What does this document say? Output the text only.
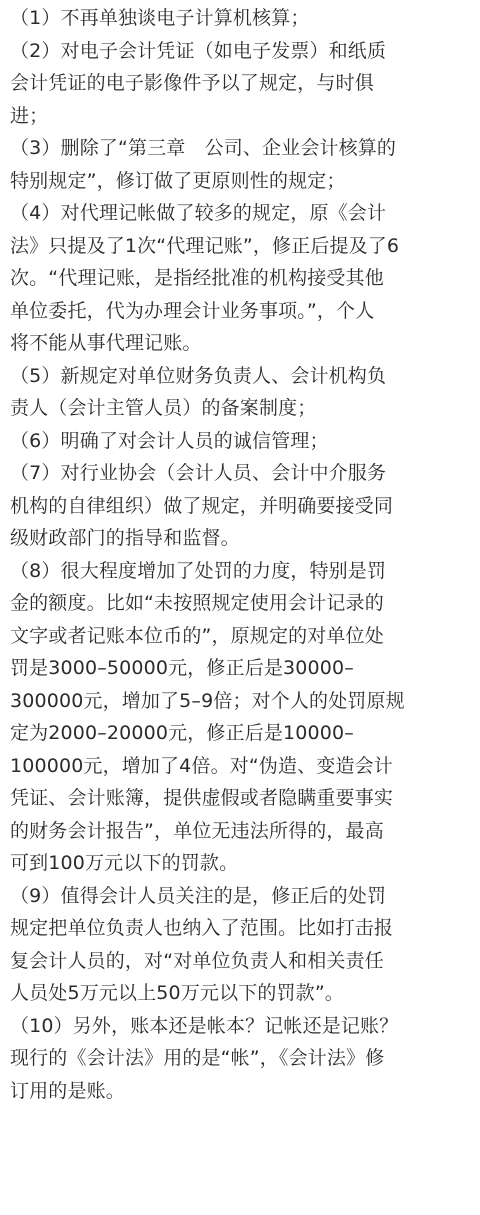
（1）不再单独谈电子计算机核算；

（2）对电子会计凭证（如电子发票）和纸质
会计凭证的电子影像件予以了规定，与时俱
进；

（3）删除了“第三章　公司、企业会计核算的
特别规定”，修订做了更原则性的规定；

（4）对代理记帐做了较多的规定，原《会计
法》只提及了1次“代理记账”，修正后提及了6
次。“代理记账，是指经批准的机构接受其他
单位委托，代为办理会计业务事项。”，个人
将不能从事代理记账。

（5）新规定对单位财务负责人、会计机构负
责人（会计主管人员）的备案制度；

（6）明确了对会计人员的诚信管理；

（7）对行业协会（会计人员、会计中介服务
机构的自律组织）做了规定，并明确要接受同
级财政部门的指导和监督。

（8）很大程度增加了处罚的力度，特别是罚
金的额度。比如“未按照规定使用会计记录的
文字或者记账本位币的”，原规定的对单位处
罚是3000–50000元，修正后是30000–
300000元，增加了5–9倍；对个人的处罚原规
定为2000–20000元，修正后是10000–
100000元，增加了4倍。对“伪造、变造会计
凭证、会计账簿，提供虚假或者隐瞒重要事实
的财务会计报告”，单位无违法所得的，最高
可到100万元以下的罚款。

（9）值得会计人员关注的是，修正后的处罚
规定把单位负责人也纳入了范围。比如打击报
复会计人员的，对“对单位负责人和相关责任
人员处5万元以上50万元以下的罚款”。

（10）另外，账本还是帐本？记帐还是记账？
现行的《会计法》用的是“帐”，《会计法》修
订用的是账。
